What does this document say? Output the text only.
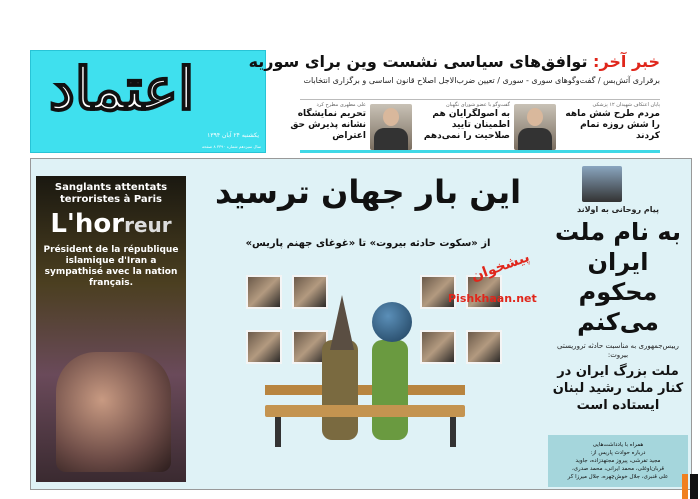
اعتماد
یکشنبه ۲۴ آبان ۱۳۹۴
سال سیزدهم شماره ۳۳۹۰ ۸ صفحه
خبر آخر: توافق‌های سیاسی نشست وین برای سوریه
برقراری آتش‌بس / گفت‌وگوهای سوری - سوری / تعیین ضرب‌الاجل اصلاح قانون اساسی و برگزاری انتخابات
پایان اعتکاف شهیدان ۱۲ پزشکی
مردم طرح شش ماهه را شش روزه تمام کردند
گفت‌وگو با عضو شورای نگهبان
به اصولگرایان هم اطمینان تایید صلاحیت را نمی‌دهم
علی مطهری مطرح کرد
تحریم نمایشگاه نشانه پذیرش حق اعتراض
Sanglants attentats terroristes à Paris
L'horreur
Président de la république islamique d'Iran a sympathisé avec la nation français.
این بار جهان ترسید
از «سکوت حادثه بیروت» تا «غوغای جهنم پاریس»
پیشخوان
Pishkhaan.net
پیام روحانی به اولاند
به نام ملت ایران محکوم می‌کنم
رییس‌جمهوری به مناسبت حادثه تروریستی بیروت:
ملت بزرگ ایران در کنار ملت رشید لبنان ایستاده است
همراه با یادداشت‌هایی
درباره حوادث پاریس از:
مجید تفرشی، پیروز مجتهدزاده، جاوید
قربان‌اوغلی، محمد ایرانی، محمد صدری،
علی قنبری، جلال خوش‌چهره، جلال میرزا کر
